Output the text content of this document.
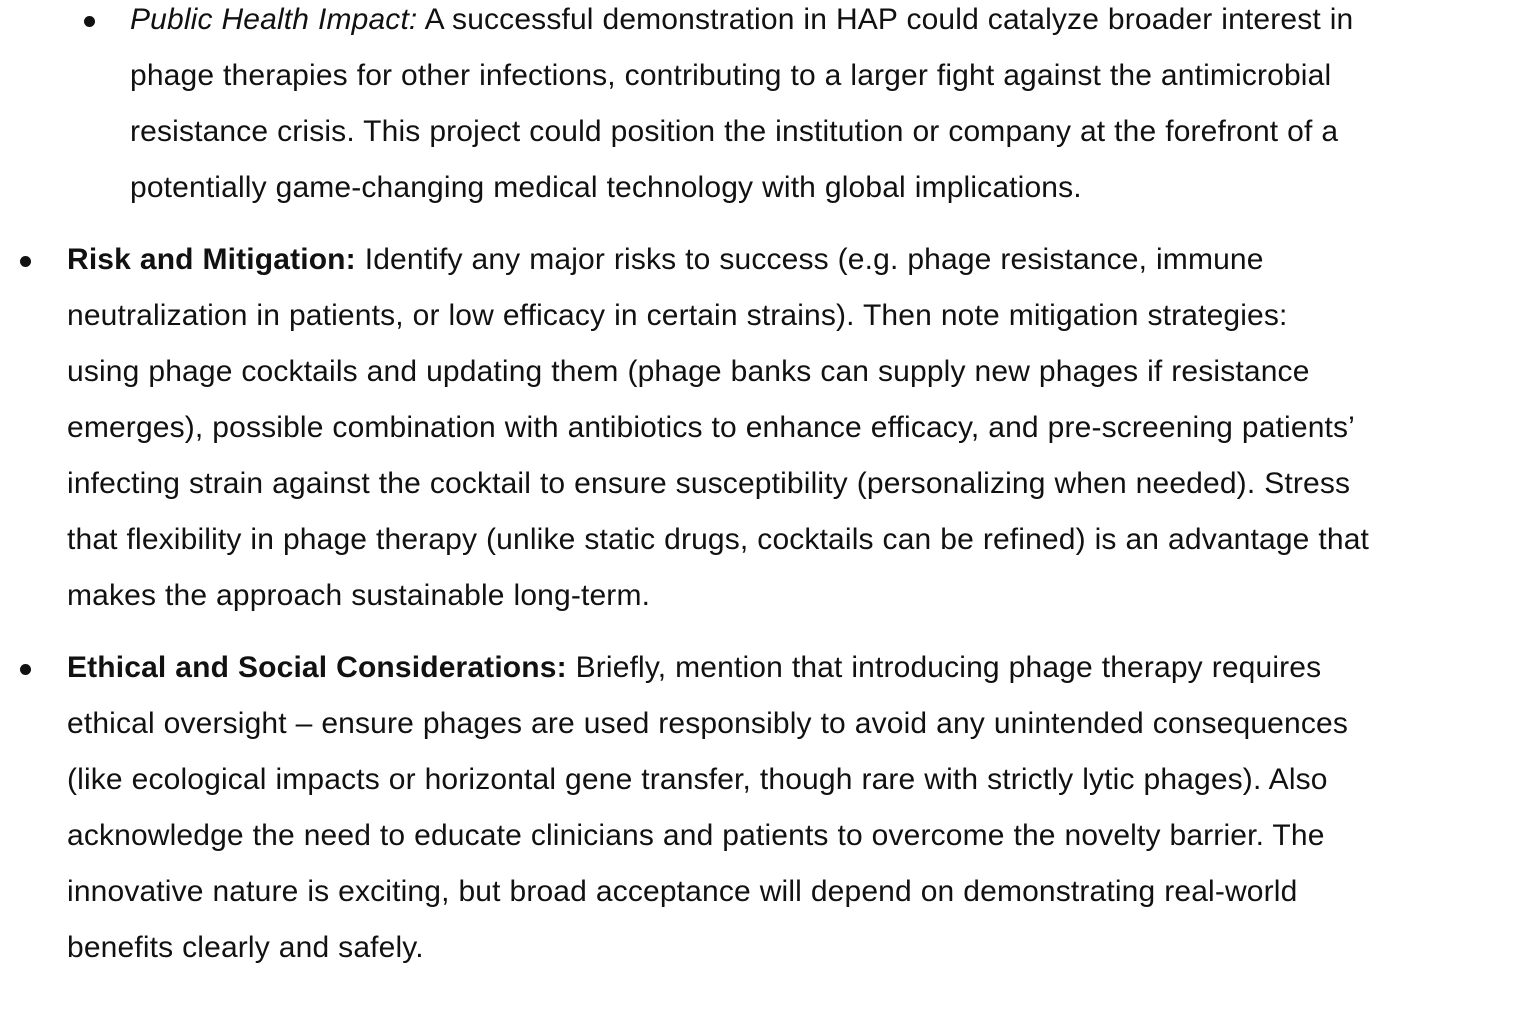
Public Health Impact: A successful demonstration in HAP could catalyze broader interest in
phage therapies for other infections, contributing to a larger fight against the antimicrobial
resistance crisis. This project could position the institution or company at the forefront of a
potentially game-changing medical technology with global implications.

Risk and Mitigation: Identify any major risks to success (e.g. phage resistance, immune
neutralization in patients, or low efficacy in certain strains). Then note mitigation strategies:
using phage cocktails and updating them (phage banks can supply new phages if resistance
emerges), possible combination with antibiotics to enhance efficacy, and pre-screening patients’
infecting strain against the cocktail to ensure susceptibility (personalizing when needed). Stress
that flexibility in phage therapy (unlike static drugs, cocktails can be refined) is an advantage that
makes the approach sustainable long-term.

Ethical and Social Considerations: Briefly, mention that introducing phage therapy requires
ethical oversight – ensure phages are used responsibly to avoid any unintended consequences
(like ecological impacts or horizontal gene transfer, though rare with strictly lytic phages). Also
acknowledge the need to educate clinicians and patients to overcome the novelty barrier. The
innovative nature is exciting, but broad acceptance will depend on demonstrating real-world
benefits clearly and safely.
